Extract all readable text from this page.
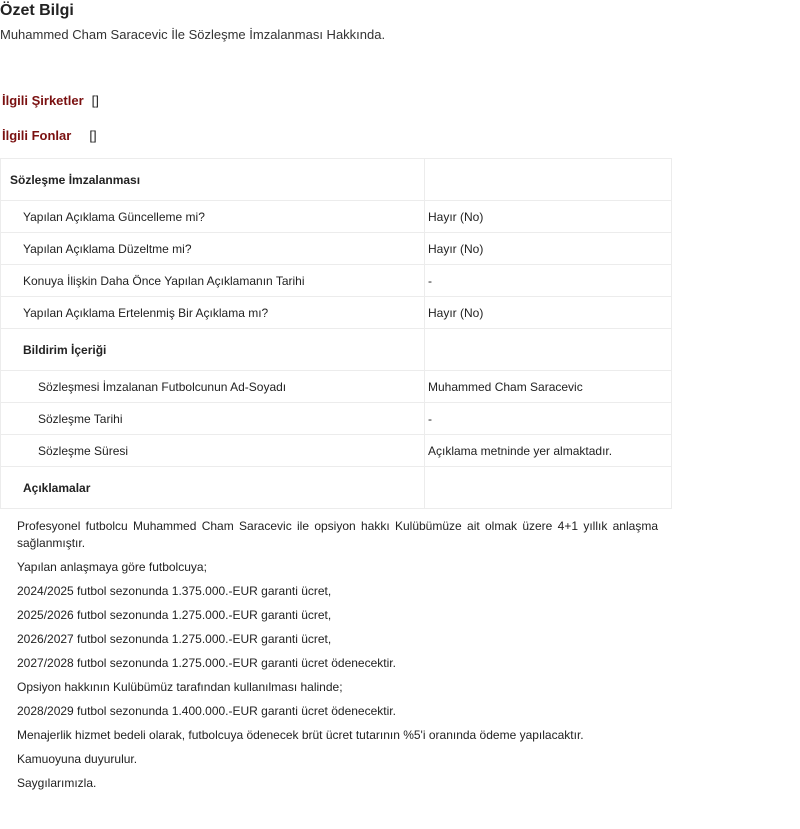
Özet Bilgi
Muhammed Cham Saracevic İle Sözleşme İmzalanması Hakkında.
İlgili Şirketler []
İlgili Fonlar []
Sözleşme İmzalanması	
Yapılan Açıklama Güncelleme mi?	Hayır (No)
Yapılan Açıklama Düzeltme mi?	Hayır (No)
Konuya İlişkin Daha Önce Yapılan Açıklamanın Tarihi	-
Yapılan Açıklama Ertelenmiş Bir Açıklama mı?	Hayır (No)
Bildirim İçeriği	
Sözleşmesi İmzalanan Futbolcunun Ad-Soyadı	Muhammed Cham Saracevic
Sözleşme Tarihi	-
Sözleşme Süresi	Açıklama metninde yer almaktadır.
Açıklamalar	

Profesyonel futbolcu Muhammed Cham Saracevic ile opsiyon hakkı Kulübümüze ait olmak üzere 4+1 yıllık anlaşma sağlanmıştır.

Yapılan anlaşmaya göre futbolcuya;

2024/2025 futbol sezonunda 1.375.000.-EUR garanti ücret,

2025/2026 futbol sezonunda 1.275.000.-EUR garanti ücret,

2026/2027 futbol sezonunda 1.275.000.-EUR garanti ücret,

2027/2028 futbol sezonunda 1.275.000.-EUR garanti ücret ödenecektir.

Opsiyon hakkının Kulübümüz tarafından kullanılması halinde;

2028/2029 futbol sezonunda 1.400.000.-EUR garanti ücret ödenecektir.

Menajerlik hizmet bedeli olarak, futbolcuya ödenecek brüt ücret tutarının %5'i oranında ödeme yapılacaktır.

Kamuoyuna duyurulur.

Saygılarımızla.
